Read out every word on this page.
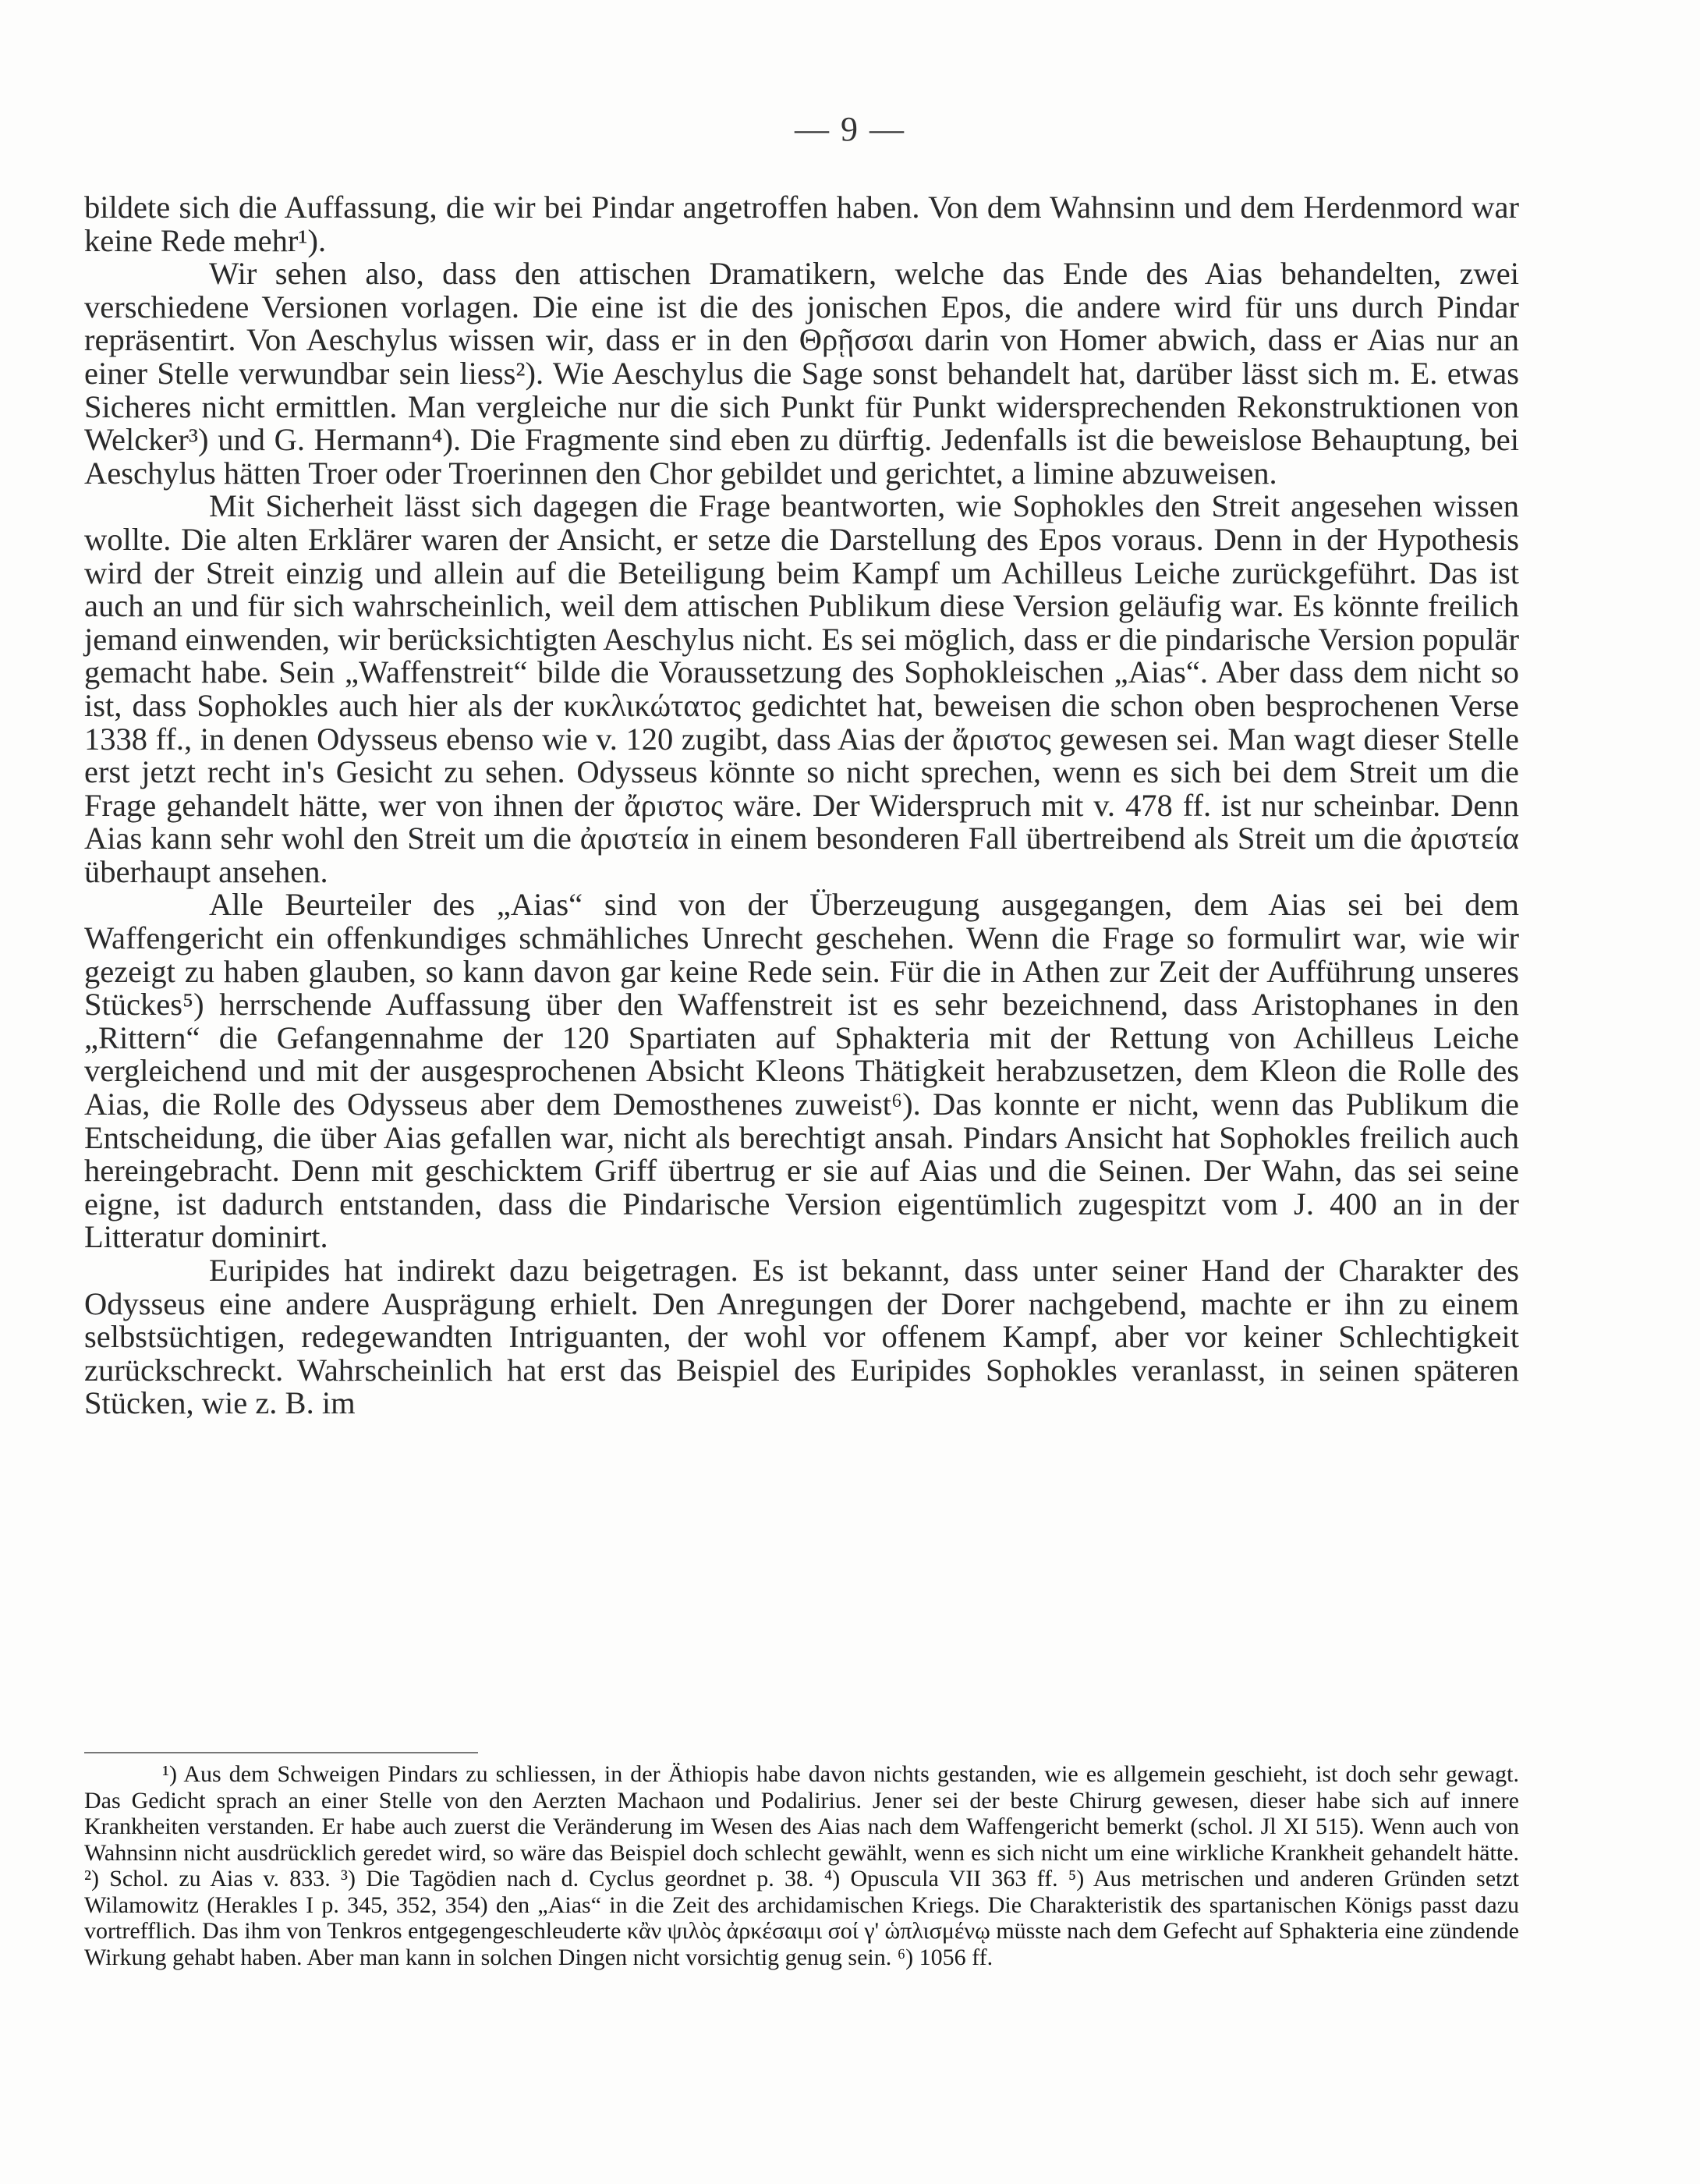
— 9 —

bildete sich die Auffassung, die wir bei Pindar angetroffen haben. Von dem Wahnsinn und dem Herdenmord war keine Rede mehr¹).

Wir sehen also, dass den attischen Dramatikern, welche das Ende des Aias behandelten, zwei verschiedene Versionen vorlagen. Die eine ist die des jonischen Epos, die andere wird für uns durch Pindar repräsentirt. Von Aeschylus wissen wir, dass er in den Θρῇσσαι darin von Homer abwich, dass er Aias nur an einer Stelle verwundbar sein liess²). Wie Aeschylus die Sage sonst behandelt hat, darüber lässt sich m. E. etwas Sicheres nicht ermittlen. Man vergleiche nur die sich Punkt für Punkt widersprechenden Rekonstruktionen von Welcker³) und G. Hermann⁴). Die Fragmente sind eben zu dürftig. Jedenfalls ist die beweislose Behauptung, bei Aeschylus hätten Troer oder Troerinnen den Chor gebildet und gerichtet, a limine abzuweisen.

Mit Sicherheit lässt sich dagegen die Frage beantworten, wie Sophokles den Streit angesehen wissen wollte. Die alten Erklärer waren der Ansicht, er setze die Darstellung des Epos voraus. Denn in der Hypothesis wird der Streit einzig und allein auf die Beteiligung beim Kampf um Achilleus Leiche zurückgeführt. Das ist auch an und für sich wahrscheinlich, weil dem attischen Publikum diese Version geläufig war. Es könnte freilich jemand einwenden, wir berücksichtigten Aeschylus nicht. Es sei möglich, dass er die pindarische Version populär gemacht habe. Sein „Waffenstreit“ bilde die Voraussetzung des Sophokleischen „Aias“. Aber dass dem nicht so ist, dass Sophokles auch hier als der κυκλικώτατος gedichtet hat, beweisen die schon oben besprochenen Verse 1338 ff., in denen Odysseus ebenso wie v. 120 zugibt, dass Aias der ἄριστος gewesen sei. Man wagt dieser Stelle erst jetzt recht in's Gesicht zu sehen. Odysseus könnte so nicht sprechen, wenn es sich bei dem Streit um die Frage gehandelt hätte, wer von ihnen der ἄριστος wäre. Der Widerspruch mit v. 478 ff. ist nur scheinbar. Denn Aias kann sehr wohl den Streit um die ἀριστεία in einem besonderen Fall übertreibend als Streit um die ἀριστεία überhaupt ansehen.

Alle Beurteiler des „Aias“ sind von der Überzeugung ausgegangen, dem Aias sei bei dem Waffengericht ein offenkundiges schmähliches Unrecht geschehen. Wenn die Frage so formulirt war, wie wir gezeigt zu haben glauben, so kann davon gar keine Rede sein. Für die in Athen zur Zeit der Aufführung unseres Stückes⁵) herrschende Auffassung über den Waffenstreit ist es sehr bezeichnend, dass Aristophanes in den „Rittern“ die Gefangennahme der 120 Spartiaten auf Sphakteria mit der Rettung von Achilleus Leiche vergleichend und mit der ausgesprochenen Absicht Kleons Thätigkeit herabzusetzen, dem Kleon die Rolle des Aias, die Rolle des Odysseus aber dem Demosthenes zuweist⁶). Das konnte er nicht, wenn das Publikum die Entscheidung, die über Aias gefallen war, nicht als berechtigt ansah. Pindars Ansicht hat Sophokles freilich auch hereingebracht. Denn mit geschicktem Griff übertrug er sie auf Aias und die Seinen. Der Wahn, das sei seine eigne, ist dadurch entstanden, dass die Pindarische Version eigentümlich zugespitzt vom J. 400 an in der Litteratur dominirt.

Euripides hat indirekt dazu beigetragen. Es ist bekannt, dass unter seiner Hand der Charakter des Odysseus eine andere Ausprägung erhielt. Den Anregungen der Dorer nachgebend, machte er ihn zu einem selbstsüchtigen, redegewandten Intriguanten, der wohl vor offenem Kampf, aber vor keiner Schlechtigkeit zurückschreckt. Wahrscheinlich hat erst das Beispiel des Euripides Sophokles veranlasst, in seinen späteren Stücken, wie z. B. im

¹) Aus dem Schweigen Pindars zu schliessen, in der Äthiopis habe davon nichts gestanden, wie es allgemein geschieht, ist doch sehr gewagt. Das Gedicht sprach an einer Stelle von den Aerzten Machaon und Podalirius. Jener sei der beste Chirurg gewesen, dieser habe sich auf innere Krankheiten verstanden. Er habe auch zuerst die Veränderung im Wesen des Aias nach dem Waffengericht bemerkt (schol. Jl XI 515). Wenn auch von Wahnsinn nicht ausdrücklich geredet wird, so wäre das Beispiel doch schlecht gewählt, wenn es sich nicht um eine wirkliche Krankheit gehandelt hätte. ²) Schol. zu Aias v. 833. ³) Die Tagödien nach d. Cyclus geordnet p. 38. ⁴) Opuscula VII 363 ff. ⁵) Aus metrischen und anderen Gründen setzt Wilamowitz (Herakles I p. 345, 352, 354) den „Aias“ in die Zeit des archidamischen Kriegs. Die Charakteristik des spartanischen Königs passt dazu vortrefflich. Das ihm von Tenkros entgegengeschleuderte κἂν ψιλὸς ἀρκέσαιμι σοί γ' ὡπλισμένῳ müsste nach dem Gefecht auf Sphakteria eine zündende Wirkung gehabt haben. Aber man kann in solchen Dingen nicht vorsichtig genug sein. ⁶) 1056 ff.
